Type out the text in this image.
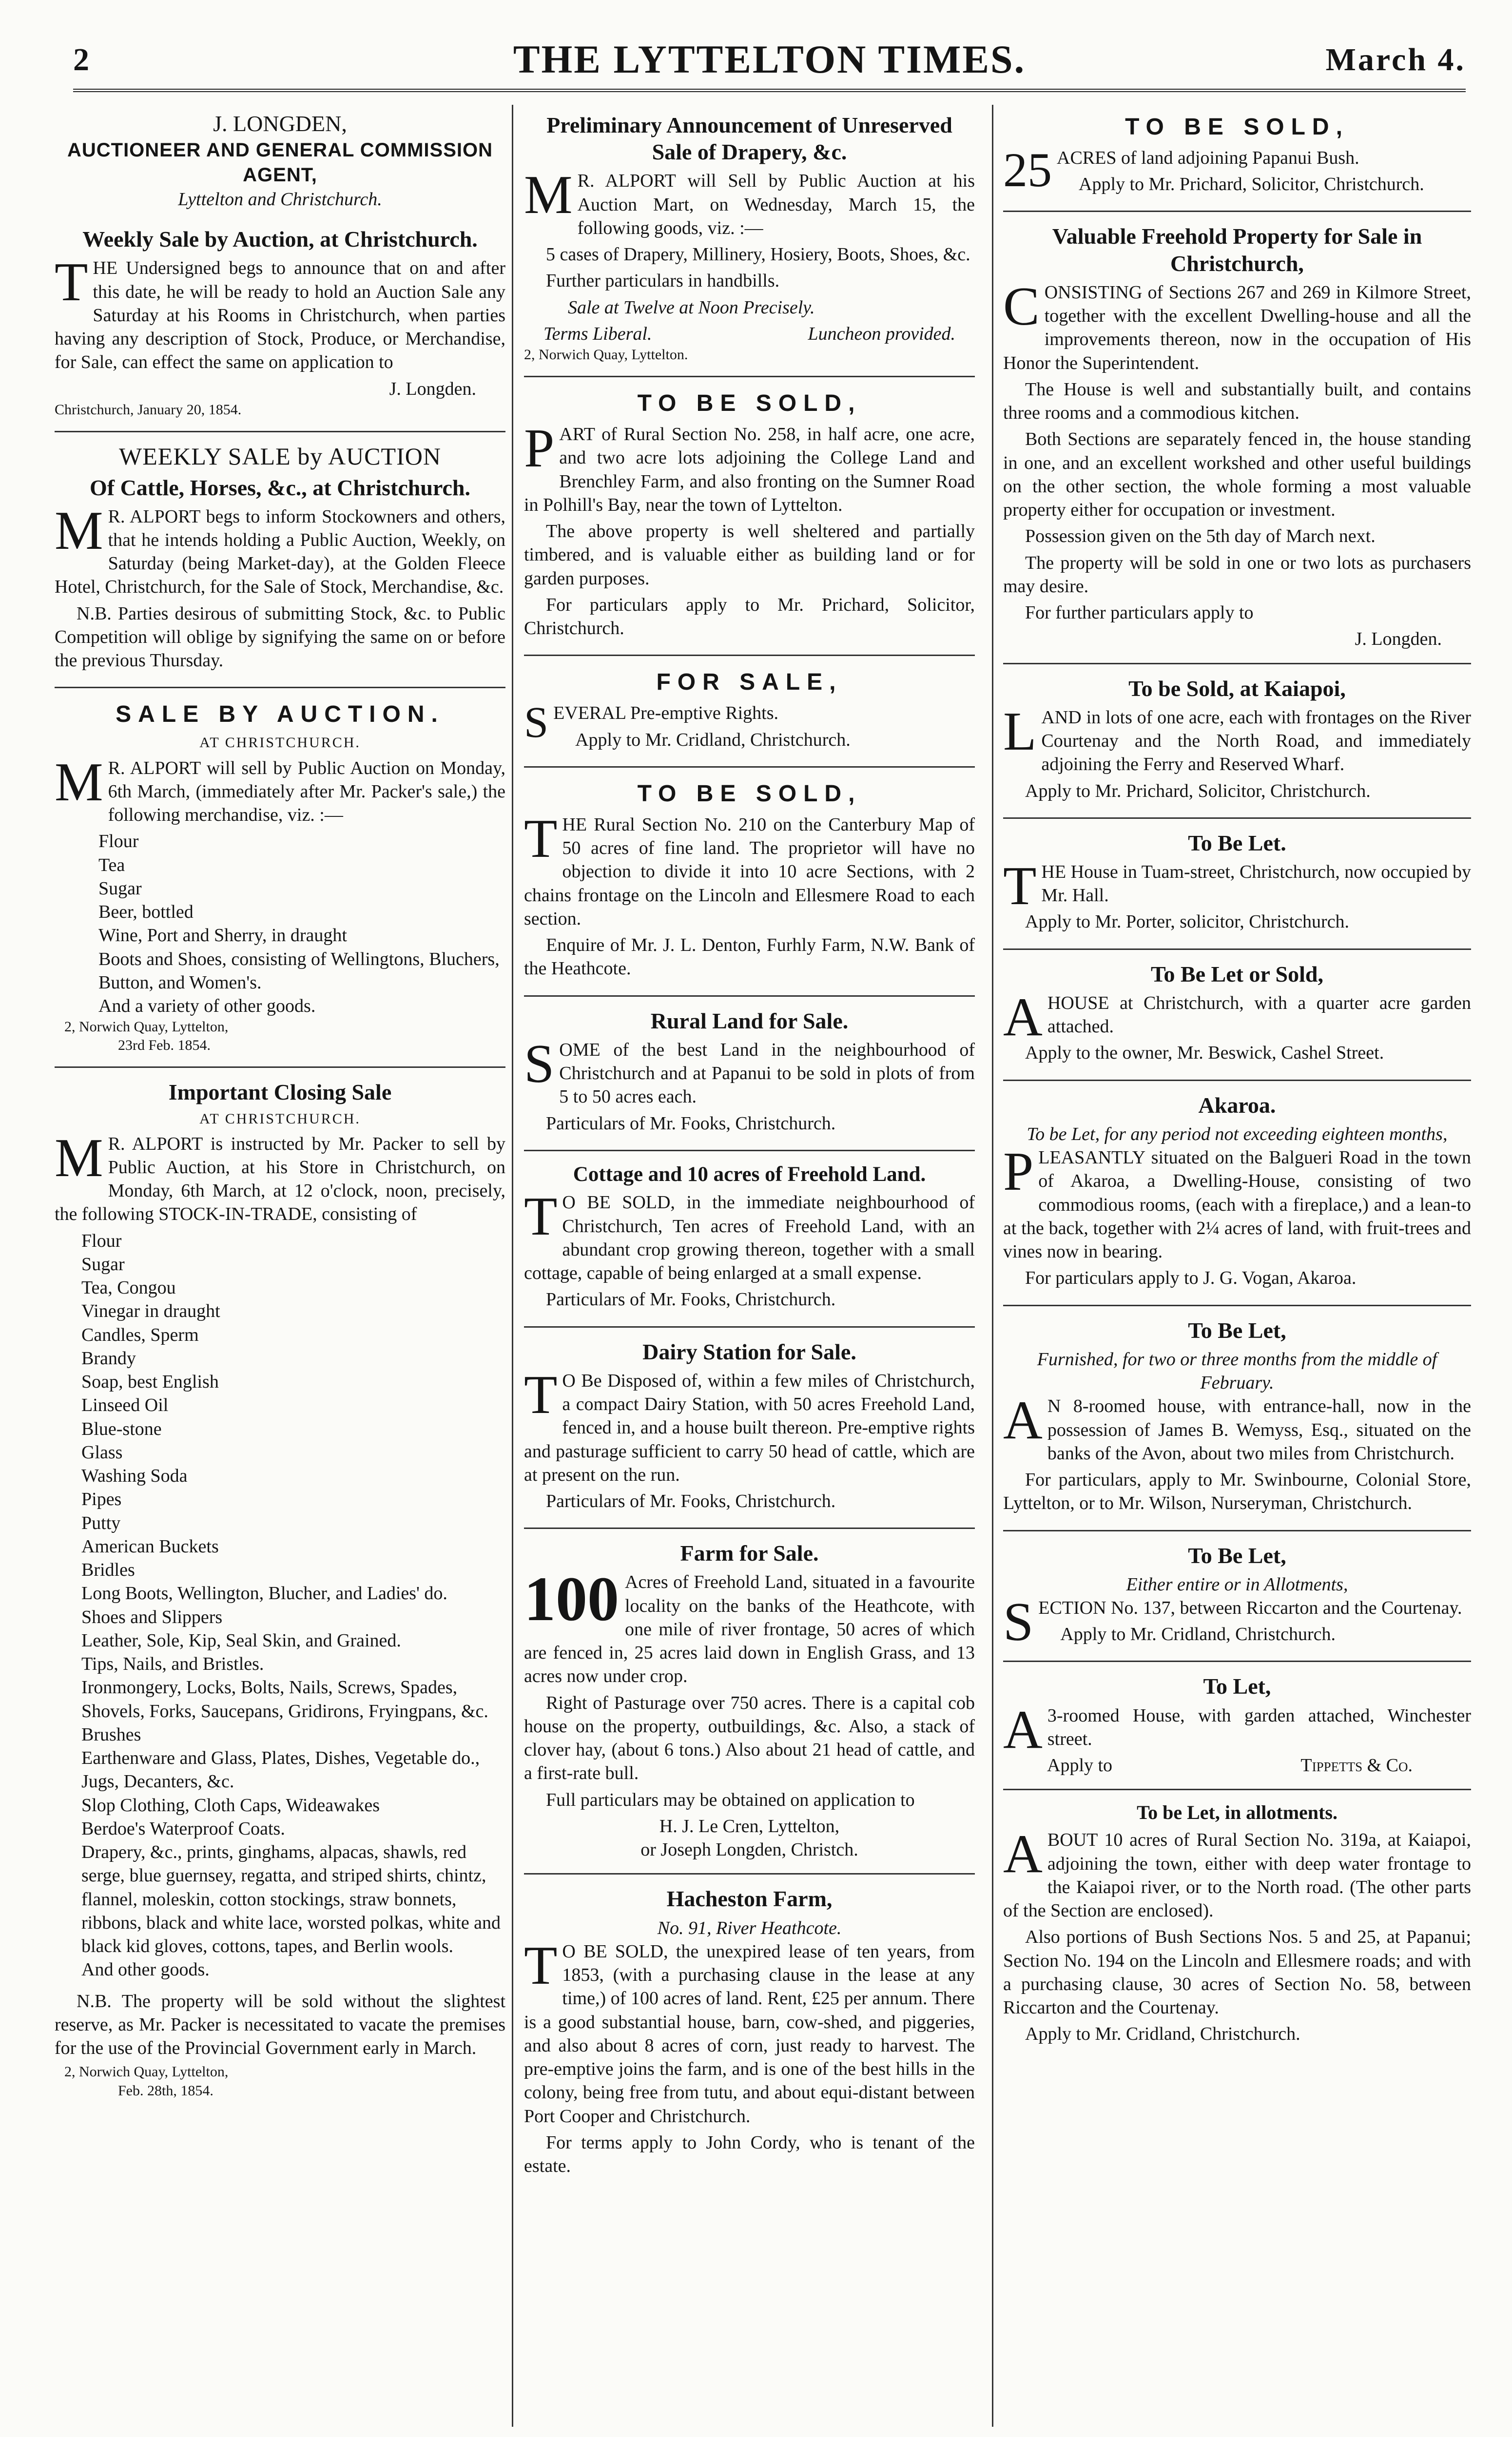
2	THE LYTTELTON TIMES.	March 4.
J. LONGDEN,
AUCTIONEER AND GENERAL COMMISSION AGENT,
Lyttelton and Christchurch.
Weekly Sale by Auction, at Christchurch.

THE Undersigned begs to announce that on and after this date, he will be ready to hold an Auction Sale any Saturday at his Rooms in Christchurch, when parties having any description of Stock, Produce, or Merchandise, for Sale, can effect the same on application to

J. Longden.
Christchurch, January 20, 1854.
WEEKLY SALE by AUCTION
Of Cattle, Horses, &c., at Christchurch.

M R. ALPORT begs to inform Stockowners and others, that he intends holding a Public Auction, Weekly, on Saturday (being Market-day), at the Golden Fleece Hotel, Christchurch, for the Sale of Stock, Merchandise, &c.

N.B. Parties desirous of submitting Stock, &c. to Public Competition will oblige by signifying the same on or before the previous Thursday.

SALE BY AUCTION.
AT CHRISTCHURCH.

M R. ALPORT will sell by Public Auction on Monday, 6th March, (immediately after Mr. Packer's sale,) the following merchandise, viz. :—

Flour
Tea
Sugar
Beer, bottled
Wine, Port and Sherry, in draught
Boots and Shoes, consisting of Wellingtons, Bluchers, Button, and Women's.
And a variety of other goods.
2, Norwich Quay, Lyttelton,
23rd Feb. 1854.
Important Closing Sale
AT CHRISTCHURCH.

M R. ALPORT is instructed by Mr. Packer to sell by Public Auction, at his Store in Christchurch, on Monday, 6th March, at 12 o'clock, noon, precisely, the following STOCK-IN-TRADE, consisting of

Flour
Sugar
Tea, Congou
Vinegar in draught
Candles, Sperm
Brandy
Soap, best English
Linseed Oil
Blue-stone
Glass
Washing Soda
Pipes
Putty
American Buckets
Bridles
Long Boots, Wellington, Blucher, and Ladies' do.
Shoes and Slippers
Leather, Sole, Kip, Seal Skin, and Grained.
Tips, Nails, and Bristles.
Ironmongery, Locks, Bolts, Nails, Screws, Spades, Shovels, Forks, Saucepans, Gridirons, Fryingpans, &c.
Brushes
Earthenware and Glass, Plates, Dishes, Vegetable do., Jugs, Decanters, &c.
Slop Clothing, Cloth Caps, Wideawakes
Berdoe's Waterproof Coats.
Drapery, &c., prints, ginghams, alpacas, shawls, red serge, blue guernsey, regatta, and striped shirts, chintz, flannel, moleskin, cotton stockings, straw bonnets, ribbons, black and white lace, worsted polkas, white and black kid gloves, cottons, tapes, and Berlin wools.
And other goods.

N.B. The property will be sold without the slightest reserve, as Mr. Packer is necessitated to vacate the premises for the use of the Provincial Government early in March.

2, Norwich Quay, Lyttelton,
Feb. 28th, 1854.
Preliminary Announcement of Unreserved Sale of Drapery, &c.

M R. ALPORT will Sell by Public Auction at his Auction Mart, on Wednesday, March 15, the following goods, viz. :—

5 cases of Drapery, Millinery, Hosiery, Boots, Shoes, &c.

Further particulars in handbills.

Sale at Twelve at Noon Precisely.

Terms Liberal.	Luncheon provided.
2, Norwich Quay, Lyttelton.
TO BE SOLD,

PART of Rural Section No. 258, in half acre, one acre, and two acre lots adjoining the College Land and Brenchley Farm, and also fronting on the Sumner Road in Polhill's Bay, near the town of Lyttelton.

The above property is well sheltered and partially timbered, and is valuable either as building land or for garden purposes.

For particulars apply to Mr. Prichard, Solicitor, Christchurch.

FOR SALE,

SEVERAL Pre-emptive Rights.

Apply to Mr. Cridland, Christchurch.

TO BE SOLD,

THE Rural Section No. 210 on the Canterbury Map of 50 acres of fine land. The proprietor will have no objection to divide it into 10 acre Sections, with 2 chains frontage on the Lincoln and Ellesmere Road to each section.

Enquire of Mr. J. L. Denton, Furhly Farm, N.W. Bank of the Heathcote.

Rural Land for Sale.

SOME of the best Land in the neighbourhood of Christchurch and at Papanui to be sold in plots of from 5 to 50 acres each.

Particulars of Mr. Fooks, Christchurch.

Cottage and 10 acres of Freehold Land.

T O BE SOLD, in the immediate neighbourhood of Christchurch, Ten acres of Freehold Land, with an abundant crop growing thereon, together with a small cottage, capable of being enlarged at a small expense.

Particulars of Mr. Fooks, Christchurch.

Dairy Station for Sale.

T O Be Disposed of, within a few miles of Christchurch, a compact Dairy Station, with 50 acres Freehold Land, fenced in, and a house built thereon. Pre-emptive rights and pasturage sufficient to carry 50 head of cattle, which are at present on the run.

Particulars of Mr. Fooks, Christchurch.

Farm for Sale.

100 Acres of Freehold Land, situated in a favourite locality on the banks of the Heathcote, with one mile of river frontage, 50 acres of which are fenced in, 25 acres laid down in English Grass, and 13 acres now under crop.

Right of Pasturage over 750 acres. There is a capital cob house on the property, outbuildings, &c. Also, a stack of clover hay, (about 6 tons.) Also about 21 head of cattle, and a first-rate bull.

Full particulars may be obtained on application to

H. J. Le Cren, Lyttelton,
or Joseph Longden, Christch.
Hacheston Farm,
No. 91, River Heathcote.

T O BE SOLD, the unexpired lease of ten years, from 1853, (with a purchasing clause in the lease at any time,) of 100 acres of land. Rent, £25 per annum. There is a good substantial house, barn, cow-shed, and piggeries, and also about 8 acres of corn, just ready to harvest. The pre-emptive joins the farm, and is one of the best hills in the colony, being free from tutu, and about equi-distant between Port Cooper and Christchurch.

For terms apply to John Cordy, who is tenant of the estate.

TO BE SOLD,

25 ACRES of land adjoining Papanui Bush.

Apply to Mr. Prichard, Solicitor, Christchurch.

Valuable Freehold Property for Sale in Christchurch,

CONSISTING of Sections 267 and 269 in Kilmore Street, together with the excellent Dwelling-house and all the improvements thereon, now in the occupation of His Honor the Superintendent.

The House is well and substantially built, and contains three rooms and a commodious kitchen.

Both Sections are separately fenced in, the house standing in one, and an excellent workshed and other useful buildings on the other section, the whole forming a most valuable property either for occupation or investment.

Possession given on the 5th day of March next.

The property will be sold in one or two lots as purchasers may desire.

For further particulars apply to

J. Longden.
To be Sold, at Kaiapoi,

LAND in lots of one acre, each with frontages on the River Courtenay and the North Road, and immediately adjoining the Ferry and Reserved Wharf.

Apply to Mr. Prichard, Solicitor, Christchurch.

To Be Let.

THE House in Tuam-street, Christchurch, now occupied by Mr. Hall.

Apply to Mr. Porter, solicitor, Christchurch.

To Be Let or Sold,

AHOUSE at Christchurch, with a quarter acre garden attached.

Apply to the owner, Mr. Beswick, Cashel Street.

Akaroa.
To be Let, for any period not exceeding eighteen months,

PLEASANTLY situated on the Balgueri Road in the town of Akaroa, a Dwelling-House, consisting of two commodious rooms, (each with a fireplace,) and a lean-to at the back, together with 2¼ acres of land, with fruit-trees and vines now in bearing.

For particulars apply to J. G. Vogan, Akaroa.

To Be Let,
Furnished, for two or three months from the middle of February.

A N 8-roomed house, with entrance-hall, now in the possession of James B. Wemyss, Esq., situated on the banks of the Avon, about two miles from Christchurch.

For particulars, apply to Mr. Swinbourne, Colonial Store, Lyttelton, or to Mr. Wilson, Nurseryman, Christchurch.

To Be Let,
Either entire or in Allotments,

SECTION No. 137, between Riccarton and the Courtenay.

Apply to Mr. Cridland, Christchurch.

To Let,

A 3-roomed House, with garden attached, Winchester street.

Apply to	Tippetts & Co.
To be Let, in allotments.

ABOUT 10 acres of Rural Section No. 319a, at Kaiapoi, adjoining the town, either with deep water frontage to the Kaiapoi river, or to the North road. (The other parts of the Section are enclosed).

Also portions of Bush Sections Nos. 5 and 25, at Papanui; Section No. 194 on the Lincoln and Ellesmere roads; and with a purchasing clause, 30 acres of Section No. 58, between Riccarton and the Courtenay.

Apply to Mr. Cridland, Christchurch.
